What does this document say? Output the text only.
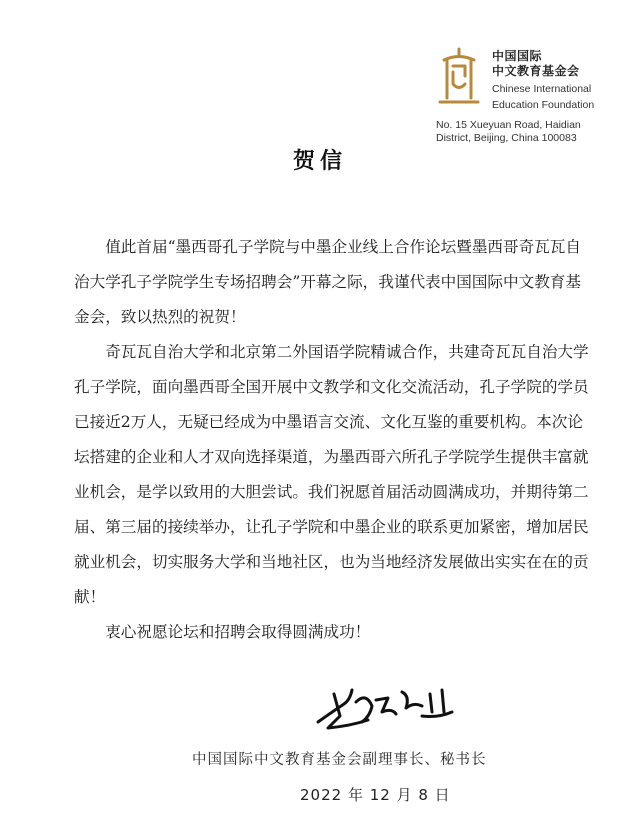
中国国际
中文教育基金会
Chinese International
Education Foundation
No. 15 Xueyuan Road, Haidian
District, Beijing, China 100083
贺信

值此首届“墨西哥孔子学院与中墨企业线上合作论坛暨墨西哥奇瓦瓦自治大学孔子学院学生专场招聘会”开幕之际，我谨代表中国国际中文教育基金会，致以热烈的祝贺！

奇瓦瓦自治大学和北京第二外国语学院精诚合作，共建奇瓦瓦自治大学孔子学院，面向墨西哥全国开展中文教学和文化交流活动，孔子学院的学员已接近2万人，无疑已经成为中墨语言交流、文化互鉴的重要机构。本次论坛搭建的企业和人才双向选择渠道，为墨西哥六所孔子学院学生提供丰富就业机会，是学以致用的大胆尝试。我们祝愿首届活动圆满成功，并期待第二届、第三届的接续举办，让孔子学院和中墨企业的联系更加紧密，增加居民就业机会，切实服务大学和当地社区，也为当地经济发展做出实实在在的贡献！

衷心祝愿论坛和招聘会取得圆满成功！

中国国际中文教育基金会副理事长、秘书长
2022 年 12 月 8 日
